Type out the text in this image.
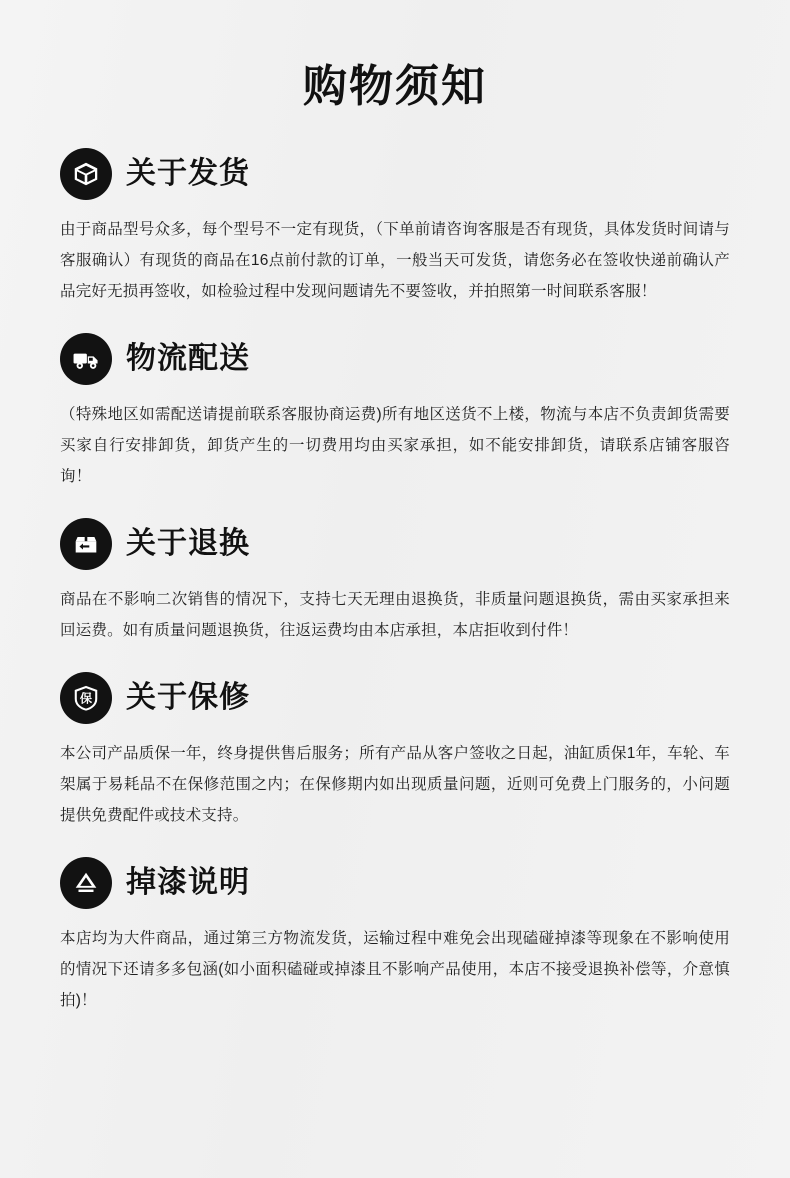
购物须知
关于发货
由于商品型号众多，每个型号不一定有现货，（下单前请咨询客服是否有现货，具体发货时间请与客服确认）有现货的商品在16点前付款的订单，一般当天可发货，请您务必在签收快递前确认产品完好无损再签收，如检验过程中发现问题请先不要签收，并拍照第一时间联系客服！
物流配送
（特殊地区如需配送请提前联系客服协商运费)所有地区送货不上楼，物流与本店不负责卸货需要买家自行安排卸货，卸货产生的一切费用均由买家承担，如不能安排卸货，请联系店铺客服咨询！
关于退换
商品在不影响二次销售的情况下，支持七天无理由退换货，非质量问题退换货，需由买家承担来回运费。如有质量问题退换货，往返运费均由本店承担，本店拒收到付件！
保 关于保修
本公司产品质保一年，终身提供售后服务；所有产品从客户签收之日起，油缸质保1年，车轮、车架属于易耗品不在保修范围之内；在保修期内如出现质量问题，近则可免费上门服务的，小问题提供免费配件或技术支持。
掉漆说明
本店均为大件商品，通过第三方物流发货，运输过程中难免会出现磕碰掉漆等现象在不影响使用的情况下还请多多包涵(如小面积磕碰或掉漆且不影响产品使用，本店不接受退换补偿等，介意慎拍)！
